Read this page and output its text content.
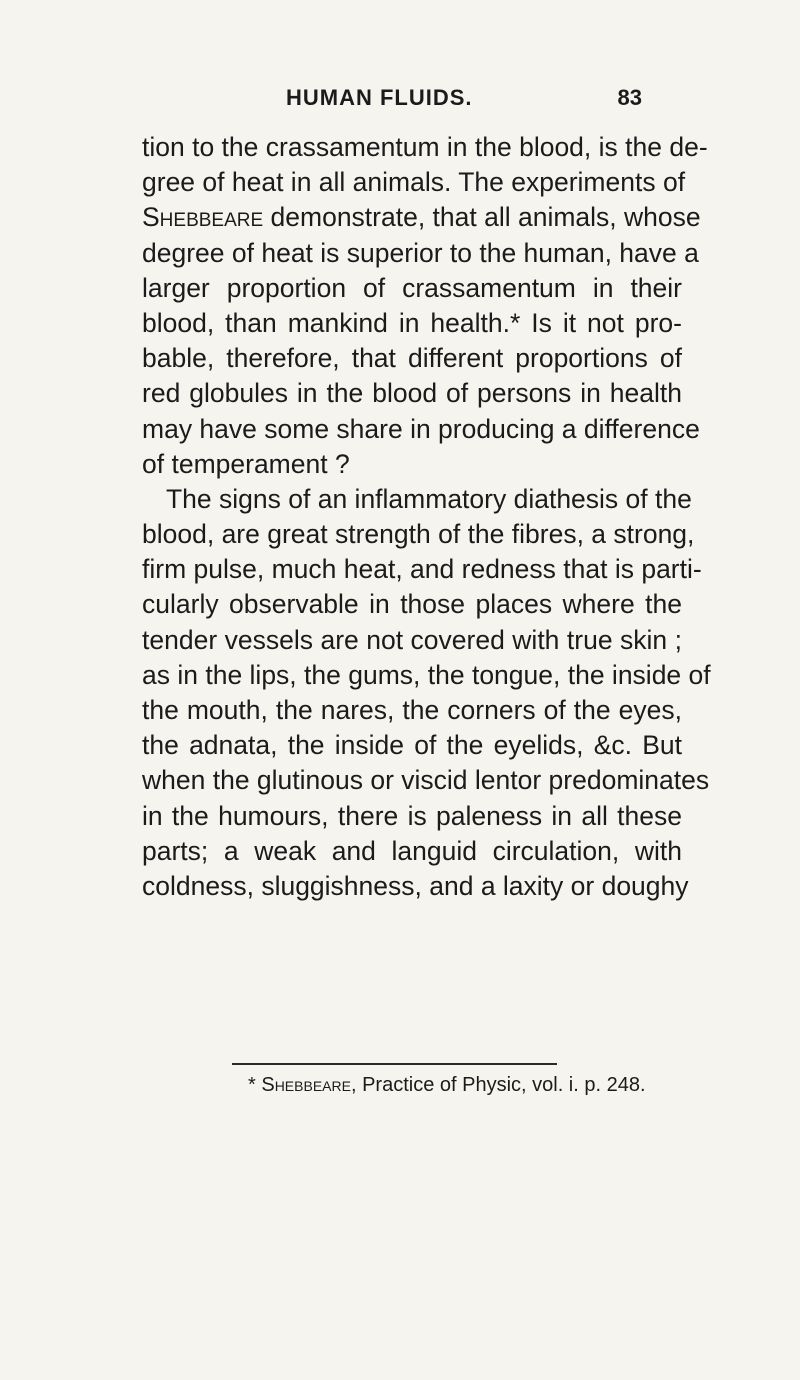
HUMAN FLUIDS.	83
tion to the crassamentum in the blood, is the de-
gree of heat in all animals. The experiments of
Shebbeare demonstrate, that all animals, whose
degree of heat is superior to the human, have a
larger proportion of crassamentum in their
blood, than mankind in health.* Is it not pro-
bable, therefore, that different proportions of
red globules in the blood of persons in health
may have some share in producing a difference
of temperament ?
The signs of an inflammatory diathesis of the
blood, are great strength of the fibres, a strong,
firm pulse, much heat, and redness that is parti-
cularly observable in those places where the
tender vessels are not covered with true skin ;
as in the lips, the gums, the tongue, the inside of
the mouth, the nares, the corners of the eyes,
the adnata, the inside of the eyelids, &c. But
when the glutinous or viscid lentor predominates
in the humours, there is paleness in all these
parts; a weak and languid circulation, with
coldness, sluggishness, and a laxity or doughy
* Shebbeare, Practice of Physic, vol. i. p. 248.
